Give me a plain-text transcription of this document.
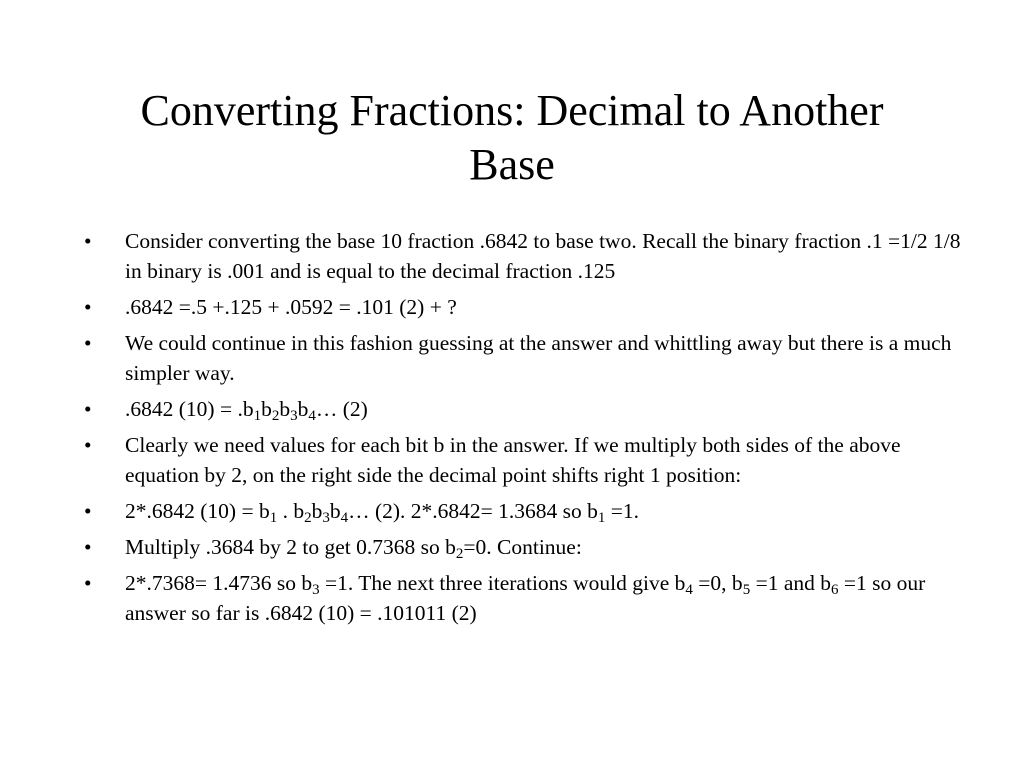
Converting Fractions: Decimal to Another Base
• Consider converting the base 10 fraction .6842 to base two. Recall the binary fraction .1 =1/2 1/8 in binary is .001 and is equal to the decimal fraction .125
• .6842 =.5 +.125 + .0592 = .101 (2) + ?
• We could continue in this fashion guessing at the answer and whittling away but there is a much simpler way.
• .6842 $(10) = .b_1b_2b_3b_4\dots$ (2)
• Clearly we need values for each bit b in the answer. If we multiply both sides of the above equation by 2, on the right side the decimal point shifts right 1 position:
• 2*.6842 $(10) = b_1$ . $b_2b_3b_4\dots$ (2). 2*.6842= 1.3684 so $b_1 =1$.
• Multiply .3684 by 2 to get 0.7368 so $b_2=0$. Continue:
• 2*.7368= 1.4736 so $b_3 =1$. The next three iterations would give $b_4 =0$, $b_5 =1$ and $b_6 =1$ so our answer so far is .6842 (10) = .101011 (2)
